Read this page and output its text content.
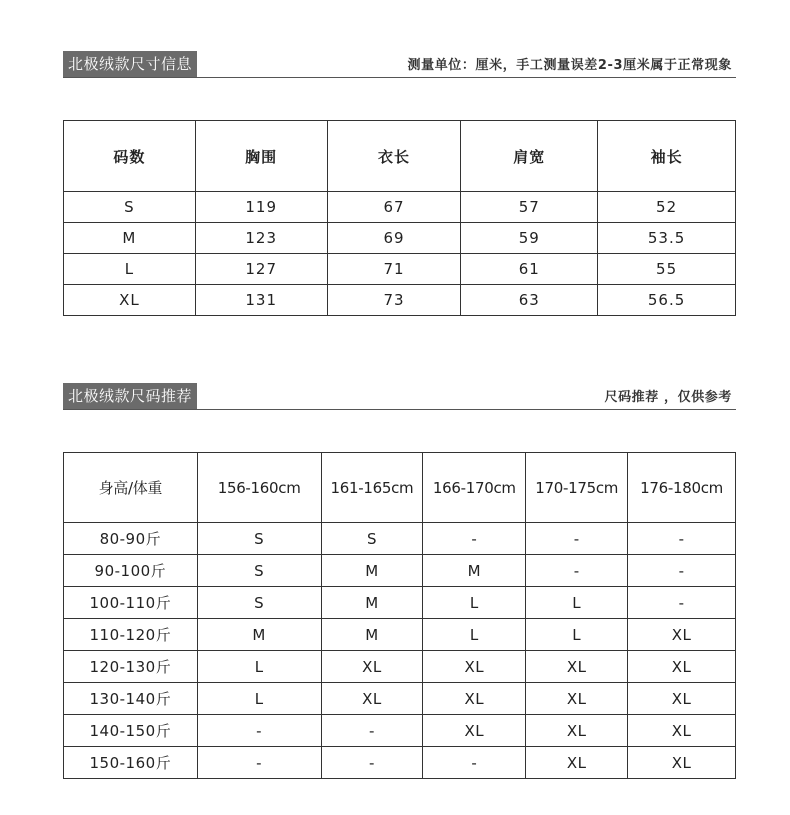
北极绒款尺寸信息	测量单位：厘米，手工测量误差2-3厘米属于正常现象
码数	胸围	衣长	肩宽	袖长
S	119	67	57	52
M	123	69	59	53.5
L	127	71	61	55
XL	131	73	63	56.5
北极绒款尺码推荐	尺码推荐 ，仅供参考
身高/体重	156-160cm	161-165cm	166-170cm	170-175cm	176-180cm
80-90斤	S	S	-	-	-
90-100斤	S	M	M	-	-
100-110斤	S	M	L	L	-
110-120斤	M	M	L	L	XL
120-130斤	L	XL	XL	XL	XL
130-140斤	L	XL	XL	XL	XL
140-150斤	-	-	XL	XL	XL
150-160斤	-	-	-	XL	XL
